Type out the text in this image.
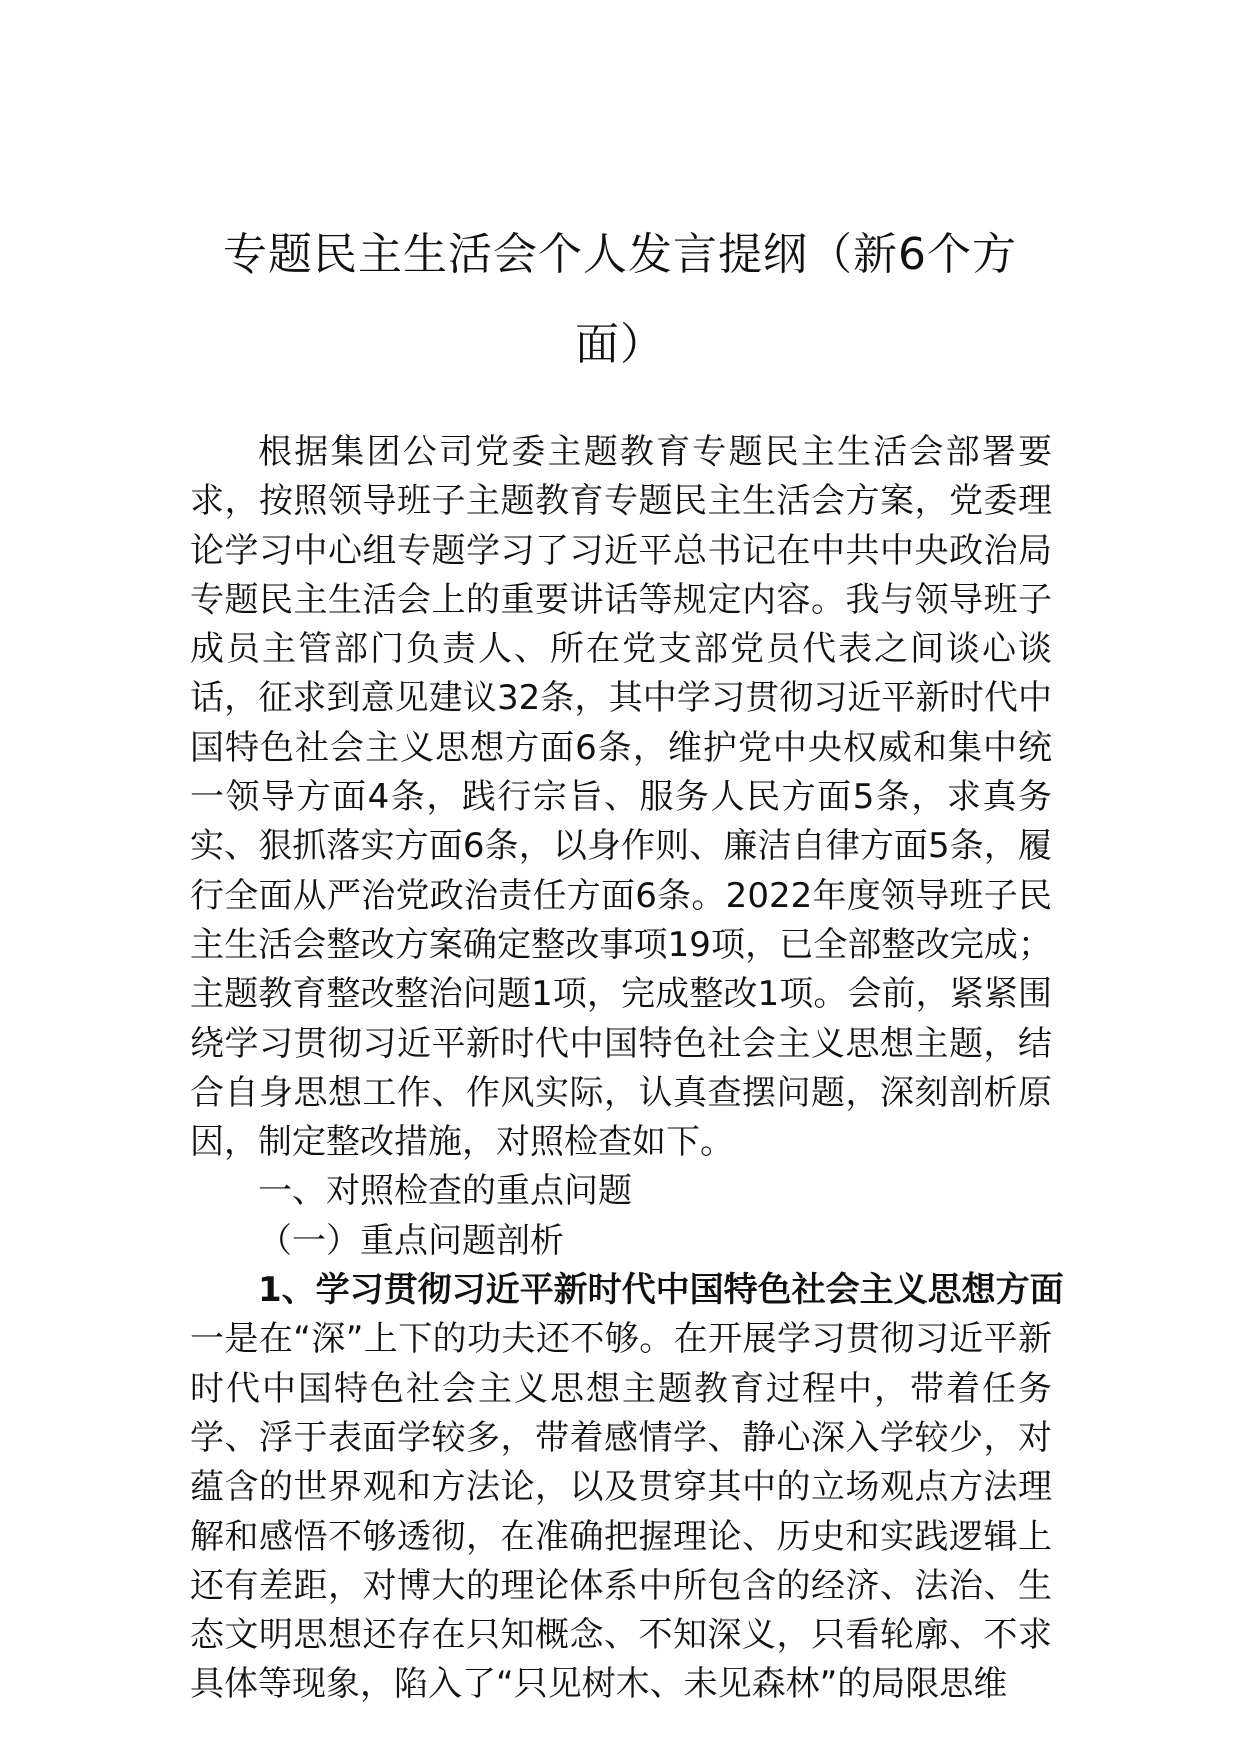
专题民主生活会个人发言提纲（新6个方
面）

根据集团公司党委主题教育专题民主生活会部署要求，按照领导班子主题教育专题民主生活会方案，党委理论学习中心组专题学习了习近平总书记在中共中央政治局专题民主生活会上的重要讲话等规定内容。我与领导班子成员主管部门负责人、所在党支部党员代表之间谈心谈话，征求到意见建议32条，其中学习贯彻习近平新时代中国特色社会主义思想方面6条，维护党中央权威和集中统一领导方面4条，践行宗旨、服务人民方面5条，求真务实、狠抓落实方面6条，以身作则、廉洁自律方面5条，履行全面从严治党政治责任方面6条。2022年度领导班子民主生活会整改方案确定整改事项19项，已全部整改完成；主题教育整改整治问题1项，完成整改1项。会前，紧紧围绕学习贯彻习近平新时代中国特色社会主义思想主题，结合自身思想工作、作风实际，认真查摆问题，深刻剖析原因，制定整改措施，对照检查如下。

一、对照检查的重点问题

（一）重点问题剖析

1、学习贯彻习近平新时代中国特色社会主义思想方面

一是在“深”上下的功夫还不够。在开展学习贯彻习近平新时代中国特色社会主义思想主题教育过程中，带着任务学、浮于表面学较多，带着感情学、静心深入学较少，对蕴含的世界观和方法论，以及贯穿其中的立场观点方法理解和感悟不够透彻，在准确把握理论、历史和实践逻辑上还有差距，对博大的理论体系中所包含的经济、法治、生态文明思想还存在只知概念、不知深义，只看轮廓、不求具体等现象，陷入了“只见树木、未见森林”的局限思维
